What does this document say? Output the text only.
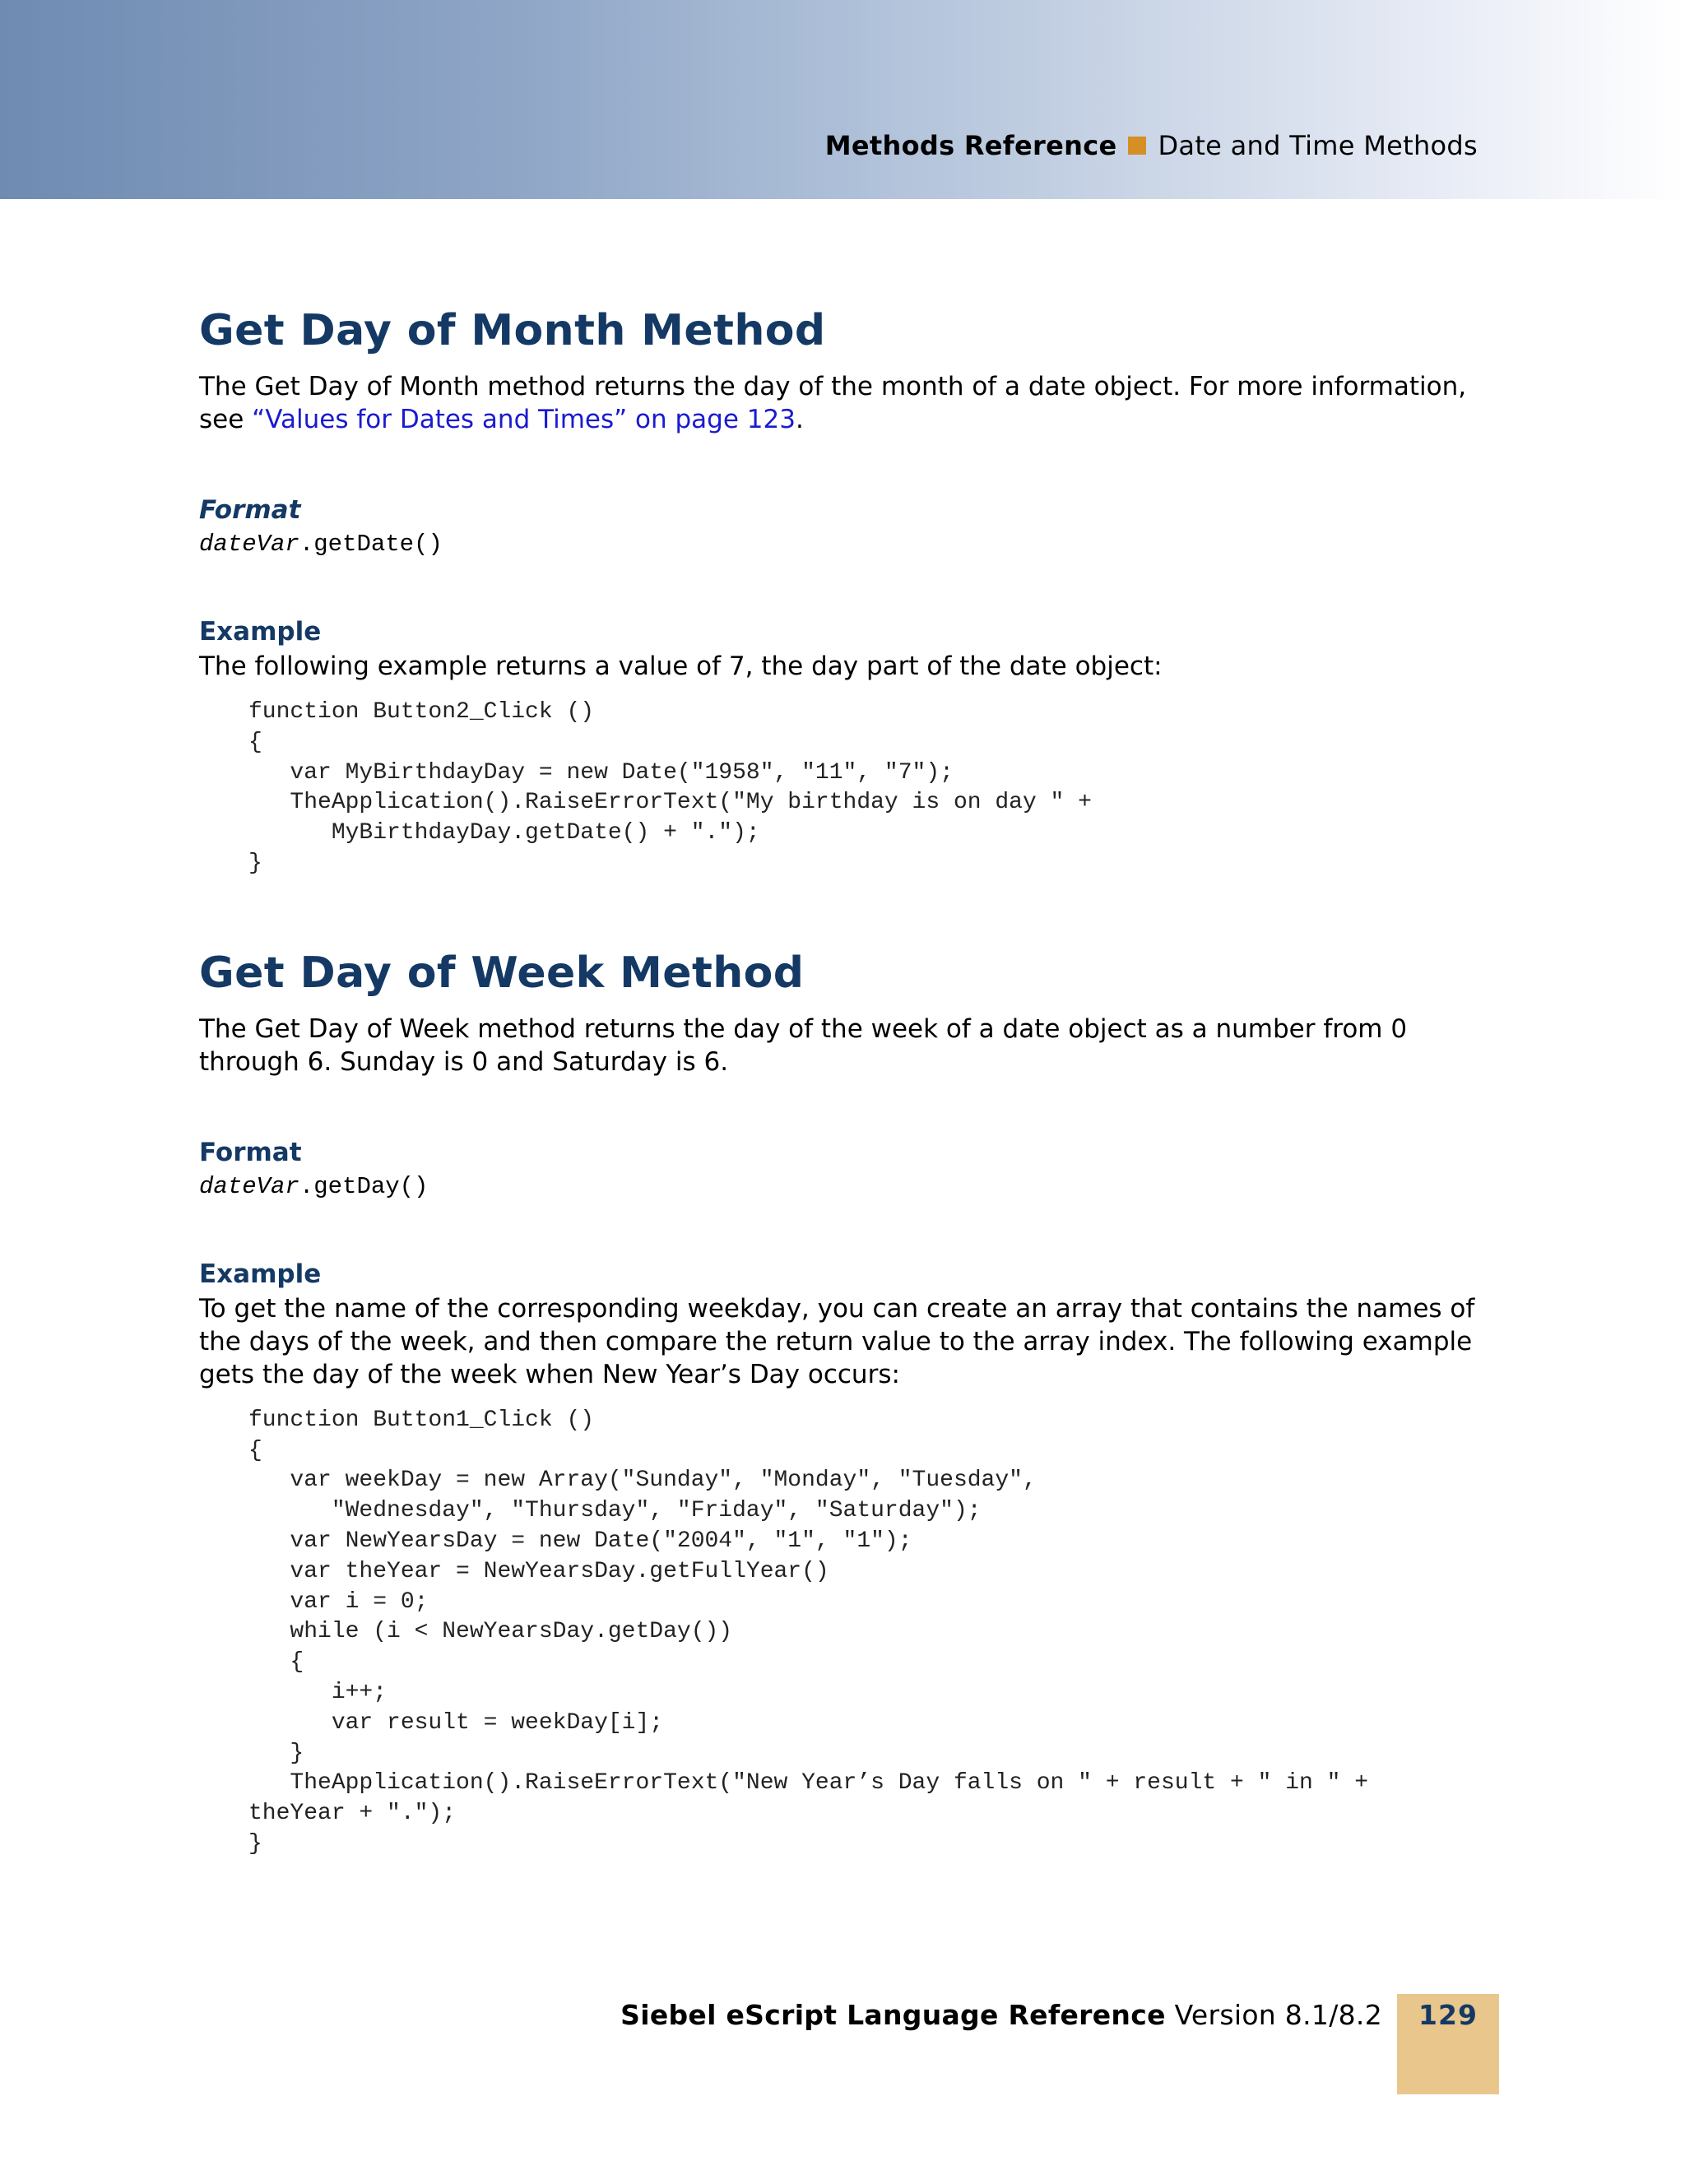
Methods Reference Date and Time Methods
Get Day of Month Method

The Get Day of Month method returns the day of the month of a date object. For more information,
see “Values for Dates and Times” on page 123.

Format

dateVar.getDate()

Example

The following example returns a value of 7, the day part of the date object:

function Button2_Click ()
{
var MyBirthdayDay = new Date("1958", "11", "7");
TheApplication().RaiseErrorText("My birthday is on day " +
MyBirthdayDay.getDate() + ".");
}
Get Day of Week Method

The Get Day of Week method returns the day of the week of a date object as a number from 0 through 6. Sunday is 0 and Saturday is 6.

Format

dateVar.getDay()

Example

To get the name of the corresponding weekday, you can create an array that contains the names of the days of the week, and then compare the return value to the array index. The following example gets the day of the week when New Year’s Day occurs:

function Button1_Click ()
{
var weekDay = new Array("Sunday", "Monday", "Tuesday",
"Wednesday", "Thursday", "Friday", "Saturday");
var NewYearsDay = new Date("2004", "1", "1");
var theYear = NewYearsDay.getFullYear()
var i = 0;
while (i < NewYearsDay.getDay())
{
i++;
var result = weekDay[i];
}
TheApplication().RaiseErrorText("New Year’s Day falls on " + result + " in " +
theYear + ".");
}
Siebel eScript Language Reference Version 8.1/8.2	129
